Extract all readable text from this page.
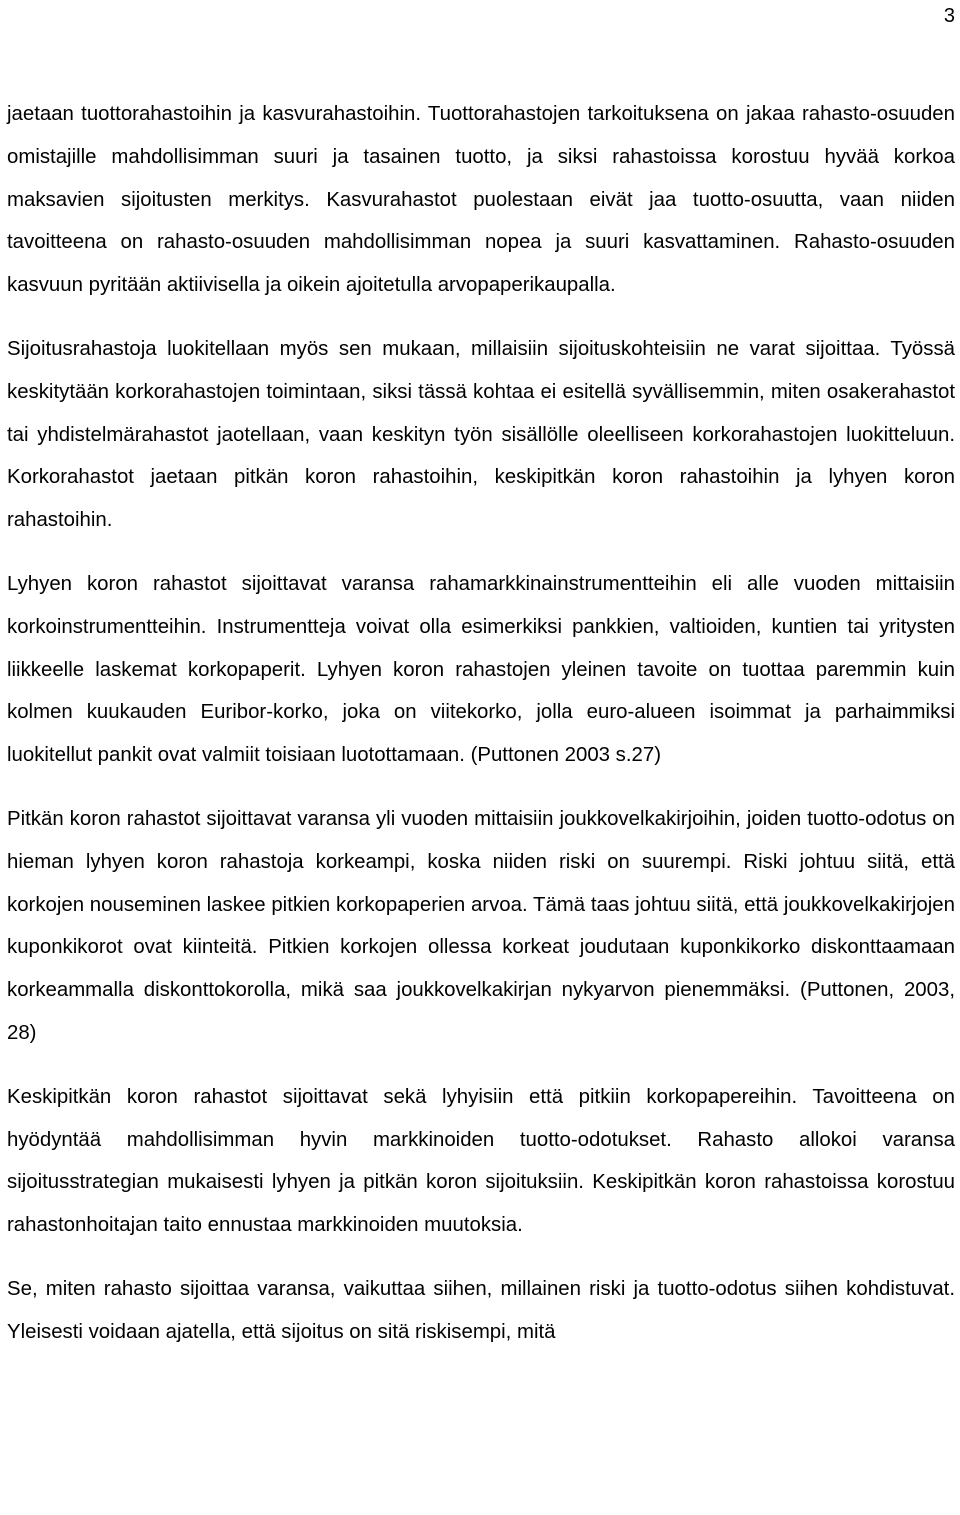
3

jaetaan tuottorahastoihin ja kasvurahastoihin. Tuottorahastojen tarkoituksena on jakaa rahasto-osuuden omistajille mahdollisimman suuri ja tasainen tuotto, ja siksi rahastoissa korostuu hyvää korkoa maksavien sijoitusten merkitys. Kasvurahastot puolestaan eivät jaa tuotto-osuutta, vaan niiden tavoitteena on rahasto-osuuden mahdollisimman nopea ja suuri kasvattaminen. Rahasto-osuuden kasvuun pyritään aktiivisella ja oikein ajoitetulla arvopaperikaupalla.

Sijoitusrahastoja luokitellaan myös sen mukaan, millaisiin sijoituskohteisiin ne varat sijoittaa. Työssä keskitytään korkorahastojen toimintaan, siksi tässä kohtaa ei esitellä syvällisemmin, miten osakerahastot tai yhdistelmärahastot jaotellaan, vaan keskityn työn sisällölle oleelliseen korkorahastojen luokitteluun. Korkorahastot jaetaan pitkän koron rahastoihin, keskipitkän koron rahastoihin ja lyhyen koron rahastoihin.

Lyhyen koron rahastot sijoittavat varansa rahamarkkinainstrumentteihin eli alle vuoden mittaisiin korkoinstrumentteihin. Instrumentteja voivat olla esimerkiksi pankkien, valtioiden, kuntien tai yritysten liikkeelle laskemat korkopaperit. Lyhyen koron rahastojen yleinen tavoite on tuottaa paremmin kuin kolmen kuukauden Euribor-korko, joka on viitekorko, jolla euro-alueen isoimmat ja parhaimmiksi luokitellut pankit ovat valmiit toisiaan luotottamaan. (Puttonen 2003 s.27)

Pitkän koron rahastot sijoittavat varansa yli vuoden mittaisiin joukkovelkakirjoihin, joiden tuotto-odotus on hieman lyhyen koron rahastoja korkeampi, koska niiden riski on suurempi. Riski johtuu siitä, että korkojen nouseminen laskee pitkien korkopaperien arvoa. Tämä taas johtuu siitä, että joukkovelkakirjojen kuponkikorot ovat kiinteitä. Pitkien korkojen ollessa korkeat joudutaan kuponkikorko diskonttaamaan korkeammalla diskonttokorolla, mikä saa joukkovelkakirjan nykyarvon pienemmäksi. (Puttonen, 2003, 28)

Keskipitkän koron rahastot sijoittavat sekä lyhyisiin että pitkiin korkopapereihin. Tavoitteena on hyödyntää mahdollisimman hyvin markkinoiden tuotto-odotukset. Rahasto allokoi varansa sijoitusstrategian mukaisesti lyhyen ja pitkän koron sijoituksiin. Keskipitkän koron rahastoissa korostuu rahastonhoitajan taito ennustaa markkinoiden muutoksia.

Se, miten rahasto sijoittaa varansa, vaikuttaa siihen, millainen riski ja tuotto-odotus siihen kohdistuvat. Yleisesti voidaan ajatella, että sijoitus on sitä riskisempi, mitä
